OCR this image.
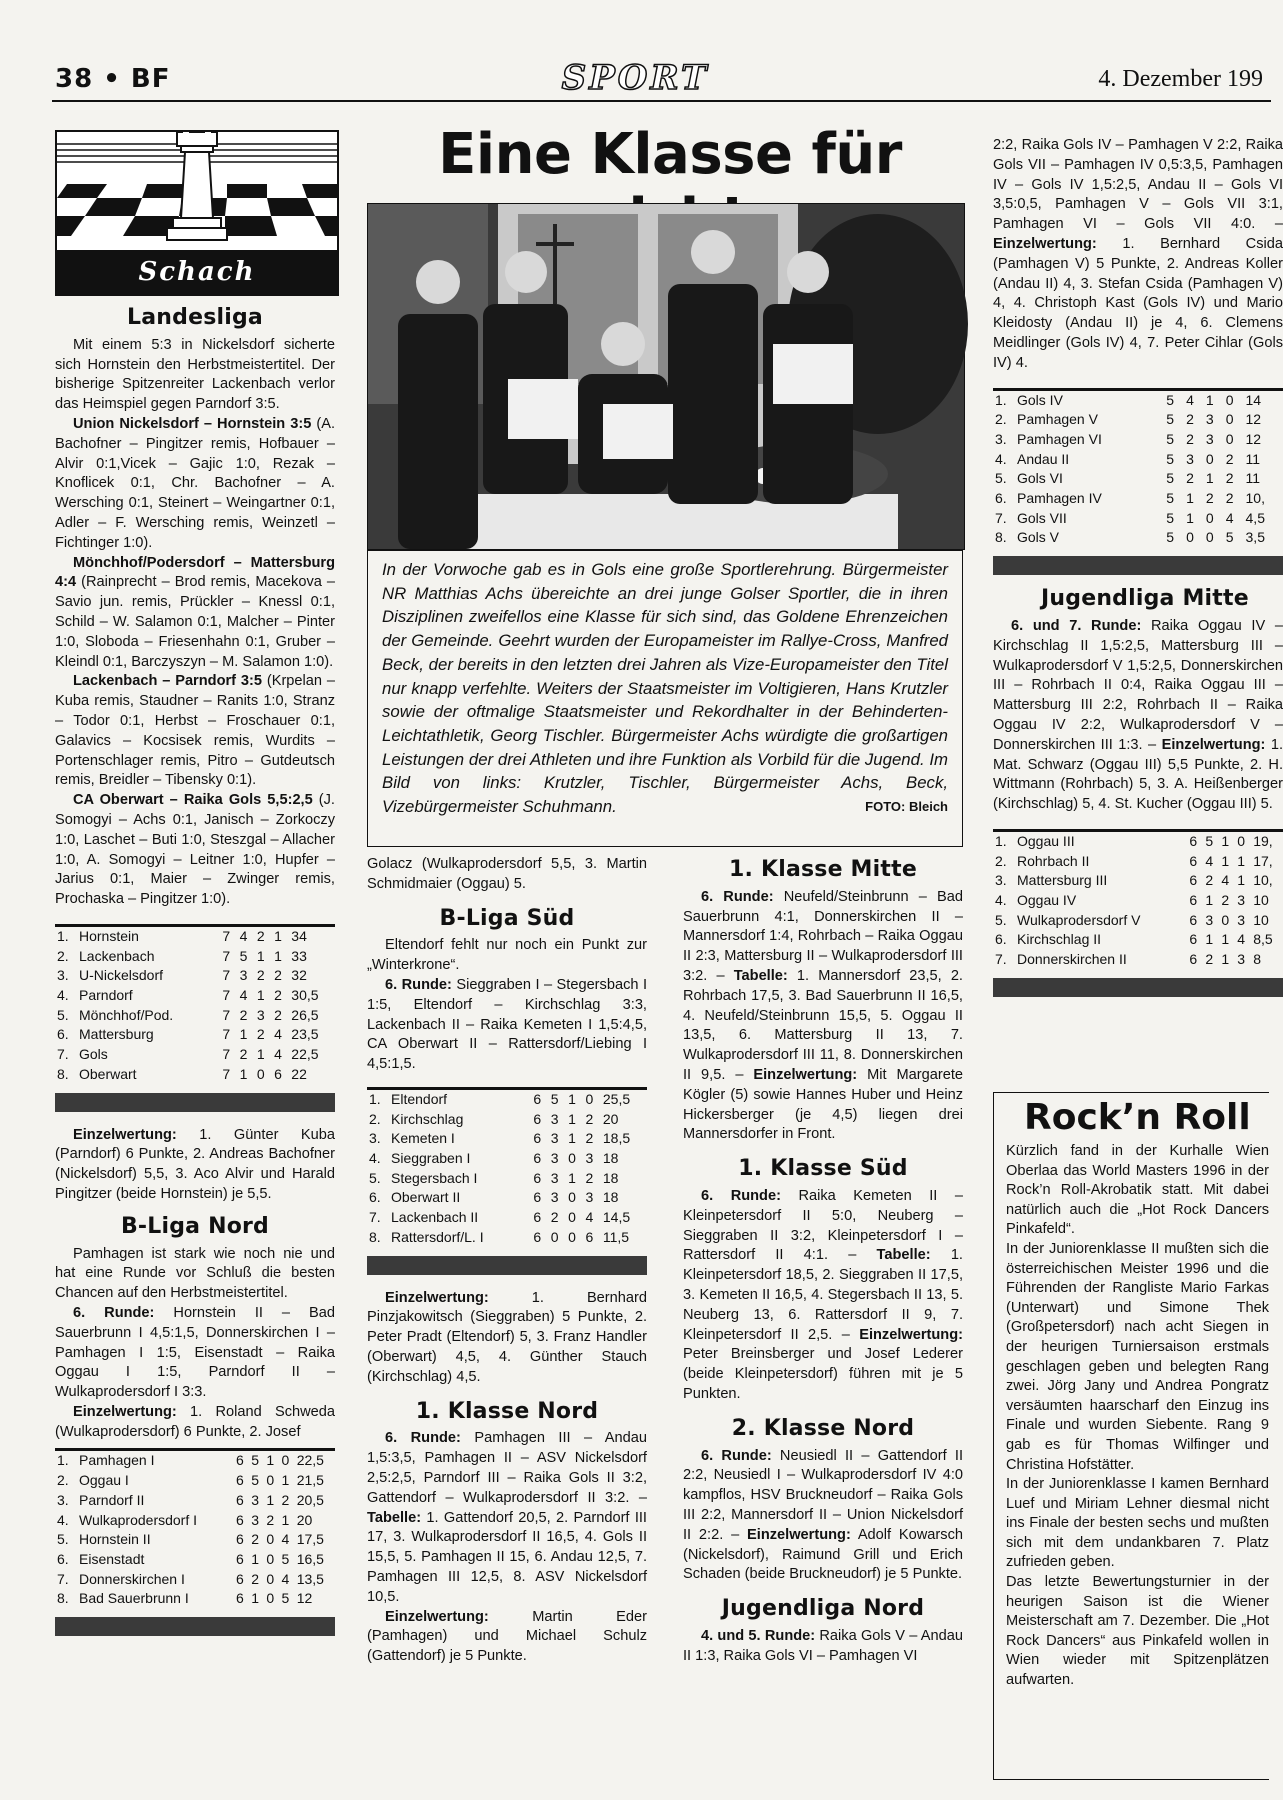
38 • BF	SPORT	4. Dezember 199
Schach
Landesliga

Mit einem 5:3 in Nickelsdorf sicherte sich Hornstein den Herbstmeistertitel. Der bisherige Spitzenreiter Lackenbach verlor das Heimspiel gegen Parndorf 3:5.

Union Nickelsdorf – Hornstein 3:5 (A. Bachofner – Pingitzer remis, Hofbauer – Alvir 0:1,Vicek – Gajic 1:0, Rezak – Knoflicek 0:1, Chr. Bachofner – A. Wersching 0:1, Steinert – Weingartner 0:1, Adler – F. Wersching remis, Weinzetl – Fichtinger 1:0).

Mönchhof/Podersdorf – Mattersburg 4:4 (Rainprecht – Brod remis, Macekova – Savio jun. remis, Prückler – Knessl 0:1, Schild – W. Salamon 0:1, Malcher – Pinter 1:0, Sloboda – Friesenhahn 0:1, Gruber – Kleindl 0:1, Barczyszyn – M. Salamon 1:0).

Lackenbach – Parndorf 3:5 (Krpelan – Kuba remis, Staudner – Ranits 1:0, Stranz – Todor 0:1, Herbst – Froschauer 0:1, Galavics – Kocsisek remis, Wurdits – Portenschlager remis, Pitro – Gutdeutsch remis, Breidler – Tibensky 0:1).

CA Oberwart – Raika Gols 5,5:2,5 (J. Somogyi – Achs 0:1, Janisch – Zorkoczy 1:0, Laschet – Buti 1:0, Steszgal – Allacher 1:0, A. Somogyi – Leitner 1:0, Hupfer – Jarius 0:1, Maier – Zwinger remis, Prochaska – Pingitzer 1:0).

1.	Hornstein	7	4	2	1	34
2.	Lackenbach	7	5	1	1	33
3.	U-Nickelsdorf	7	3	2	2	32
4.	Parndorf	7	4	1	2	30,5
5.	Mönchhof/Pod.	7	2	3	2	26,5
6.	Mattersburg	7	1	2	4	23,5
7.	Gols	7	2	1	4	22,5
8.	Oberwart	7	1	0	6	22

Einzelwertung: 1. Günter Kuba (Parndorf) 6 Punkte, 2. Andreas Bachofner (Nickelsdorf) 5,5, 3. Aco Alvir und Harald Pingitzer (beide Hornstein) je 5,5.

B-Liga Nord

Pamhagen ist stark wie noch nie und hat eine Runde vor Schluß die besten Chancen auf den Herbstmeistertitel.

6. Runde: Hornstein II – Bad Sauerbrunn I 4,5:1,5, Donnerskirchen I – Pamhagen I 1:5, Eisenstadt – Raika Oggau I 1:5, Parndorf II – Wulkaprodersdorf I 3:3.

Einzelwertung: 1. Roland Schweda (Wulkaprodersdorf) 6 Punkte, 2. Josef

1.	Pamhagen I	6	5	1	0	22,5
2.	Oggau I	6	5	0	1	21,5
3.	Parndorf II	6	3	1	2	20,5
4.	Wulkaprodersdorf I	6	3	2	1	20
5.	Hornstein II	6	2	0	4	17,5
6.	Eisenstadt	6	1	0	5	16,5
7.	Donnerskirchen I	6	2	0	4	13,5
8.	Bad Sauerbrunn I	6	1	0	5	12
Eine Klasse für
In der Vorwoche gab es in Gols eine große Sportlerehrung. Bürgermeister NR Matthias Achs übereichte an drei junge Golser Sportler, die in ihren Disziplinen zweifellos eine Klasse für sich sind, das Goldene Ehrenzeichen der Gemeinde. Geehrt wurden der Europameister im Rallye-Cross, Manfred Beck, der bereits in den letzten drei Jahren als Vize-Europameister den Titel nur knapp verfehlte. Weiters der Staatsmeister im Voltigieren, Hans Krutzler sowie der oftmalige Staatsmeister und Rekordhalter in der Behinderten-Leichtathletik, Georg Tischler. Bürgermeister Achs würdigte die großartigen Leistungen der drei Athleten und ihre Funktion als Vorbild für die Jugend. Im Bild von links: Krutzler, Tischler, Bürgermeister Achs, Beck, Vizebürgermeister Schuhmann.	FOTO: Bleich

Golacz (Wulkaprodersdorf 5,5, 3. Martin Schmidmaier (Oggau) 5.

B-Liga Süd

Eltendorf fehlt nur noch ein Punkt zur „Winterkrone“.

6. Runde: Sieggraben I – Stegersbach I 1:5, Eltendorf – Kirchschlag 3:3, Lackenbach II – Raika Kemeten I 1,5:4,5, CA Oberwart II – Rattersdorf/Liebing I 4,5:1,5.

1.	Eltendorf	6	5	1	0	25,5
2.	Kirchschlag	6	3	1	2	20
3.	Kemeten I	6	3	1	2	18,5
4.	Sieggraben I	6	3	0	3	18
5.	Stegersbach I	6	3	1	2	18
6.	Oberwart II	6	3	0	3	18
7.	Lackenbach II	6	2	0	4	14,5
8.	Rattersdorf/L. I	6	0	0	6	11,5

Einzelwertung: 1. Bernhard Pinzjakowitsch (Sieggraben) 5 Punkte, 2. Peter Pradt (Eltendorf) 5, 3. Franz Handler (Oberwart) 4,5, 4. Günther Stauch (Kirchschlag) 4,5.

1. Klasse Nord

6. Runde: Pamhagen III – Andau 1,5:3,5, Pamhagen II – ASV Nickelsdorf 2,5:2,5, Parndorf III – Raika Gols II 3:2, Gattendorf – Wulkaprodersdorf II 3:2. – Tabelle: 1. Gattendorf 20,5, 2. Parndorf III 17, 3. Wulkaprodersdorf II 16,5, 4. Gols II 15,5, 5. Pamhagen II 15, 6. Andau 12,5, 7. Pamhagen III 12,5, 8. ASV Nickelsdorf 10,5.

Einzelwertung: Martin Eder (Pamhagen) und Michael Schulz (Gattendorf) je 5 Punkte.

1. Klasse Mitte

6. Runde: Neufeld/Steinbrunn – Bad Sauerbrunn 4:1, Donnerskirchen II – Mannersdorf 1:4, Rohrbach – Raika Oggau II 2:3, Mattersburg II – Wulkaprodersdorf III 3:2. – Tabelle: 1. Mannersdorf 23,5, 2. Rohrbach 17,5, 3. Bad Sauerbrunn II 16,5, 4. Neufeld/Steinbrunn 15,5, 5. Oggau II 13,5, 6. Mattersburg II 13, 7. Wulkaprodersdorf III 11, 8. Donnerskirchen II 9,5. – Einzelwertung: Mit Margarete Kögler (5) sowie Hannes Huber und Heinz Hickersberger (je 4,5) liegen drei Mannersdorfer in Front.

1. Klasse Süd

6. Runde: Raika Kemeten II – Kleinpetersdorf II 5:0, Neuberg – Sieggraben II 3:2, Kleinpetersdorf I – Rattersdorf II 4:1. – Tabelle: 1. Kleinpetersdorf 18,5, 2. Sieggraben II 17,5, 3. Kemeten II 16,5, 4. Stegersbach II 13, 5. Neuberg 13, 6. Rattersdorf II 9, 7. Kleinpetersdorf II 2,5. – Einzelwertung: Peter Breinsberger und Josef Lederer (beide Kleinpetersdorf) führen mit je 5 Punkten.

2. Klasse Nord

6. Runde: Neusiedl II – Gattendorf II 2:2, Neusiedl I – Wulkaprodersdorf IV 4:0 kampflos, HSV Bruckneudorf – Raika Gols III 2:2, Mannersdorf II – Union Nickelsdorf II 2:2. – Einzelwertung: Adolf Kowarsch (Nickelsdorf), Raimund Grill und Erich Schaden (beide Bruckneudorf) je 5 Punkte.

Jugendliga Nord

4. und 5. Runde: Raika Gols V – Andau II 1:3, Raika Gols VI – Pamhagen VI

2:2, Raika Gols IV – Pamhagen V 2:2, Raika Gols VII – Pamhagen IV 0,5:3,5, Pamhagen IV – Gols IV 1,5:2,5, Andau II – Gols VI 3,5:0,5, Pamhagen V – Gols VII 3:1, Pamhagen VI – Gols VII 4:0. – Einzelwertung: 1. Bernhard Csida (Pamhagen V) 5 Punkte, 2. Andreas Koller (Andau II) 4, 3. Stefan Csida (Pamhagen V) 4, 4. Christoph Kast (Gols IV) und Mario Kleidosty (Andau II) je 4, 6. Clemens Meidlinger (Gols IV) 4, 7. Peter Cihlar (Gols IV) 4.

1.	Gols IV	5	4	1	0	14
2.	Pamhagen V	5	2	3	0	12
3.	Pamhagen VI	5	2	3	0	12
4.	Andau II	5	3	0	2	11
5.	Gols VI	5	2	1	2	11
6.	Pamhagen IV	5	1	2	2	10,
7.	Gols VII	5	1	0	4	4,5
8.	Gols V	5	0	0	5	3,5
Jugendliga Mitte

6. und 7. Runde: Raika Oggau IV – Kirchschlag II 1,5:2,5, Mattersburg III – Wulkaprodersdorf V 1,5:2,5, Donnerskirchen III – Rohrbach II 0:4, Raika Oggau III – Mattersburg III 2:2, Rohrbach II – Raika Oggau IV 2:2, Wulkaprodersdorf V – Donnerskirchen III 1:3. – Einzelwertung: 1. Mat. Schwarz (Oggau III) 5,5 Punkte, 2. H. Wittmann (Rohrbach) 5, 3. A. Heißenberger (Kirchschlag) 5, 4. St. Kucher (Oggau III) 5.

1.	Oggau III	6	5	1	0	19,
2.	Rohrbach II	6	4	1	1	17,
3.	Mattersburg III	6	2	4	1	10,
4.	Oggau IV	6	1	2	3	10
5.	Wulkaprodersdorf V	6	3	0	3	10
6.	Kirchschlag II	6	1	1	4	8,5
7.	Donnerskirchen II	6	2	1	3	8
Rock’n Roll

Kürzlich fand in der Kurhalle Wien Oberlaa das World Masters 1996 in der Rock’n Roll-Akrobatik statt. Mit dabei natürlich auch die „Hot Rock Dancers Pinkafeld“.

In der Juniorenklasse II mußten sich die österreichischen Meister 1996 und die Führenden der Rangliste Mario Farkas (Unterwart) und Simone Thek (Großpetersdorf) nach acht Siegen in der heurigen Turniersaison erstmals geschlagen geben und belegten Rang zwei. Jörg Jany und Andrea Pongratz versäumten haarscharf den Einzug ins Finale und wurden Siebente. Rang 9 gab es für Thomas Wilfinger und Christina Hofstätter.

In der Juniorenklasse I kamen Bernhard Luef und Miriam Lehner diesmal nicht ins Finale der besten sechs und mußten sich mit dem undankbaren 7. Platz zufrieden geben.

Das letzte Bewertungsturnier in der heurigen Saison ist die Wiener Meisterschaft am 7. Dezember. Die „Hot Rock Dancers“ aus Pinkafeld wollen in Wien wieder mit Spitzenplätzen aufwarten.
